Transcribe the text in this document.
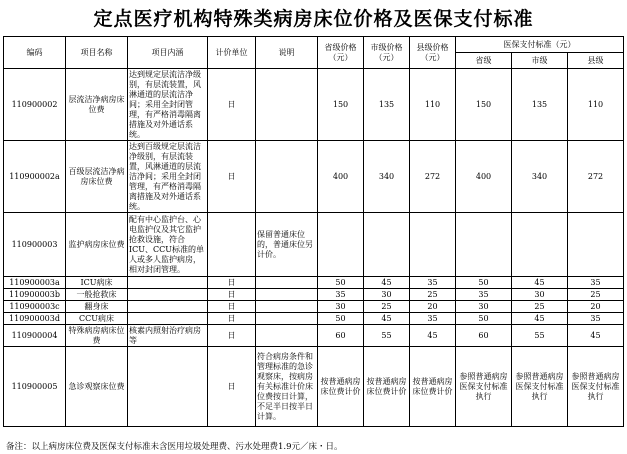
定点医疗机构特殊类病房床位价格及医保支付标准
编码	项目名称	项目内涵	计价单位	说明	省级价格（元）	市级价格（元）	县级价格（元）	医保支付标准（元）		
								省级	市级	县级
110900002	层流洁净病房床位费	达到规定层流洁净级别，有层流装置，风淋通道的层流洁净间；采用全封闭管理，有严格消毒隔离措施及对外通话系统。	日		150	135	110	150	135	110
110900002a	百级层流洁净病房床位费	达到百级规定层流洁净级别，有层流装置，风淋通道的层流洁净间；采用全封闭管理，有严格消毒隔离措施及对外通话系统。	日		400	340	272	400	340	272
110900003	监护病房床位费	配有中心监护台、心电监护仪及其它监护抢救设施，符合ICU、CCU标准的单人或多人监护病房，相对封闭管理。		保留普通床位的，普通床位另计价。						
110900003a	ICU病床		日		50	45	35	50	45	35
110900003b	一般抢救床		日		35	30	25	35	30	25
110900003c	翻身床		日		30	25	20	30	25	20
110900003d	CCU病床		日		50	45	35	50	45	35
110900004	特殊病房病床位费	核素内照射治疗病房等	日		60	55	45	60	55	45
110900005	急诊观察床位费		日	符合病房条件和管理标准的急诊观察床，按病房有关标准计价床位费按日计算，不足半日按半日计算。	按普通病房床位费计价	按普通病房床位费计价	按普通病房床位费计价	参照普通病房医保支付标准执行	参照普通病房医保支付标准执行	参照普通病房医保支付标准执行
备注：以上病房床位费及医保支付标准未含医用垃圾处理费、污水处理费1.9元／床・日。
